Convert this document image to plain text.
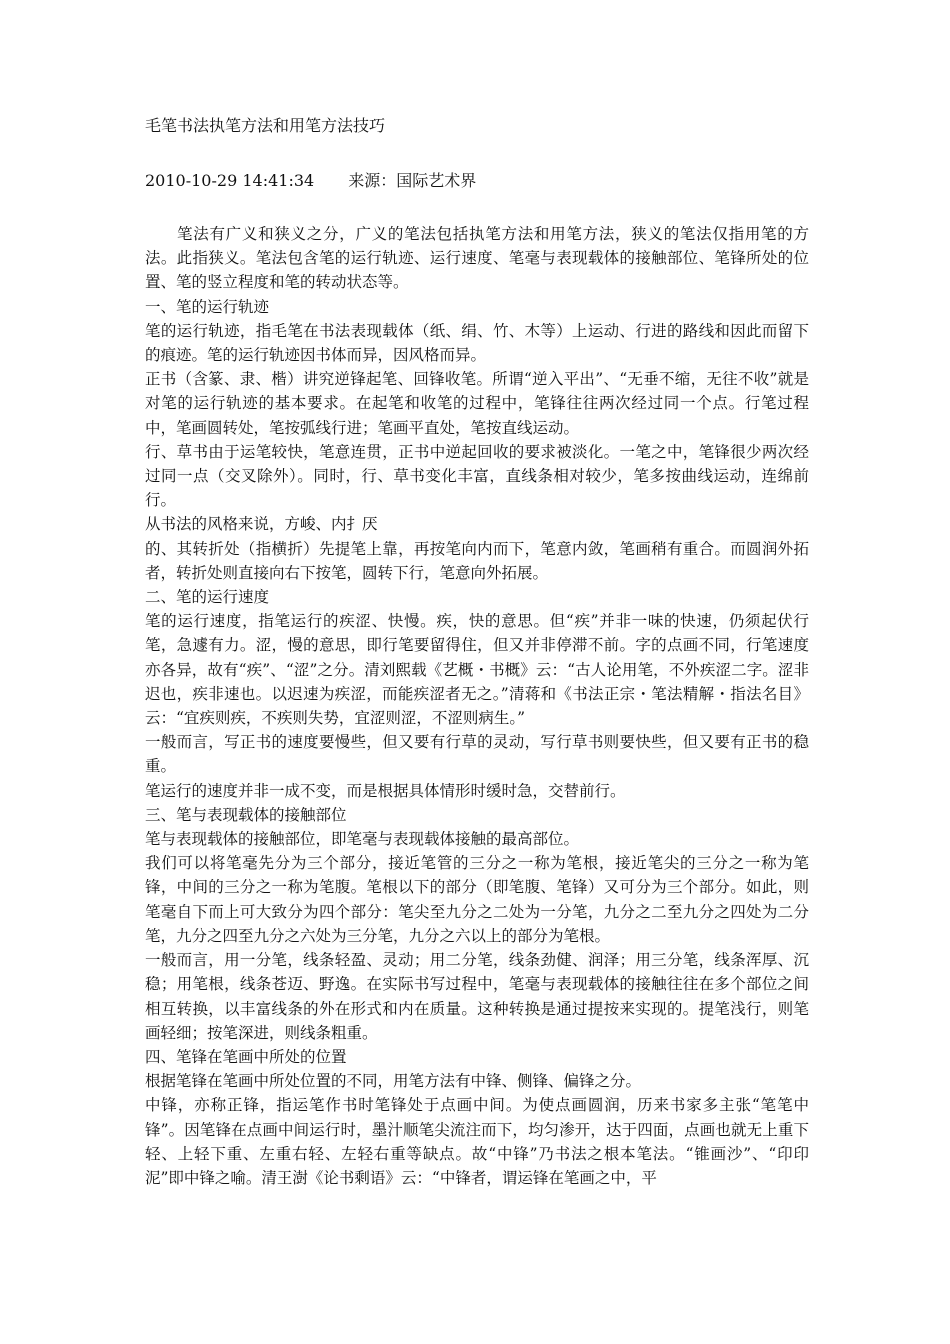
毛笔书法执笔方法和用笔方法技巧
2010-10-29 14:41:34 来源：国际艺术界

笔法有广义和狭义之分，广义的笔法包括执笔方法和用笔方法，狭义的笔法仅指用笔的方法。此指狭义。笔法包含笔的运行轨迹、运行速度、笔毫与表现载体的接触部位、笔锋所处的位置、笔的竖立程度和笔的转动状态等。

一、笔的运行轨迹

笔的运行轨迹，指毛笔在书法表现载体（纸、绢、竹、木等）上运动、行进的路线和因此而留下的痕迹。笔的运行轨迹因书体而异，因风格而异。

正书（含篆、隶、楷）讲究逆锋起笔、回锋收笔。所谓“逆入平出”、“无垂不缩，无往不收”就是对笔的运行轨迹的基本要求。在起笔和收笔的过程中，笔锋往往两次经过同一个点。行笔过程中，笔画圆转处，笔按弧线行进；笔画平直处，笔按直线运动。

行、草书由于运笔较快，笔意连贯，正书中逆起回收的要求被淡化。一笔之中，笔锋很少两次经过同一点（交叉除外）。同时，行、草书变化丰富，直线条相对较少，笔多按曲线运动，连绵前行。

从书法的风格来说，方峻、内扌厌

的、其转折处（指横折）先提笔上靠，再按笔向内而下，笔意内敛，笔画稍有重合。而圆润外拓者，转折处则直接向右下按笔，圆转下行，笔意向外拓展。

二、笔的运行速度

笔的运行速度，指笔运行的疾涩、快慢。疾，快的意思。但“疾”并非一味的快速，仍须起伏行笔，急遽有力。涩，慢的意思，即行笔要留得住，但又并非停滞不前。字的点画不同，行笔速度亦各异，故有“疾”、“涩”之分。清刘熙载《艺概・书概》云：“古人论用笔，不外疾涩二字。涩非迟也，疾非速也。以迟速为疾涩，而能疾涩者无之。”清蒋和《书法正宗・笔法精解・指法名目》云：“宜疾则疾，不疾则失势，宜涩则涩，不涩则病生。”

一般而言，写正书的速度要慢些，但又要有行草的灵动，写行草书则要快些，但又要有正书的稳重。

笔运行的速度并非一成不变，而是根据具体情形时缓时急，交替前行。

三、笔与表现载体的接触部位

笔与表现载体的接触部位，即笔毫与表现载体接触的最高部位。

我们可以将笔毫先分为三个部分，接近笔管的三分之一称为笔根，接近笔尖的三分之一称为笔锋，中间的三分之一称为笔腹。笔根以下的部分（即笔腹、笔锋）又可分为三个部分。如此，则笔毫自下而上可大致分为四个部分：笔尖至九分之二处为一分笔，九分之二至九分之四处为二分笔，九分之四至九分之六处为三分笔，九分之六以上的部分为笔根。

一般而言，用一分笔，线条轻盈、灵动；用二分笔，线条劲健、润泽；用三分笔，线条浑厚、沉稳；用笔根，线条苍迈、野逸。在实际书写过程中，笔毫与表现载体的接触往往在多个部位之间相互转换，以丰富线条的外在形式和内在质量。这种转换是通过提按来实现的。提笔浅行，则笔画轻细；按笔深进，则线条粗重。

四、笔锋在笔画中所处的位置

根据笔锋在笔画中所处位置的不同，用笔方法有中锋、侧锋、偏锋之分。

中锋，亦称正锋，指运笔作书时笔锋处于点画中间。为使点画圆润，历来书家多主张“笔笔中锋”。因笔锋在点画中间运行时，墨汁顺笔尖流注而下，均匀渗开，达于四面，点画也就无上重下轻、上轻下重、左重右轻、左轻右重等缺点。故“中锋”乃书法之根本笔法。“锥画沙”、“印印泥”即中锋之喻。清王澍《论书剩语》云：“中锋者，谓运锋在笔画之中，平
